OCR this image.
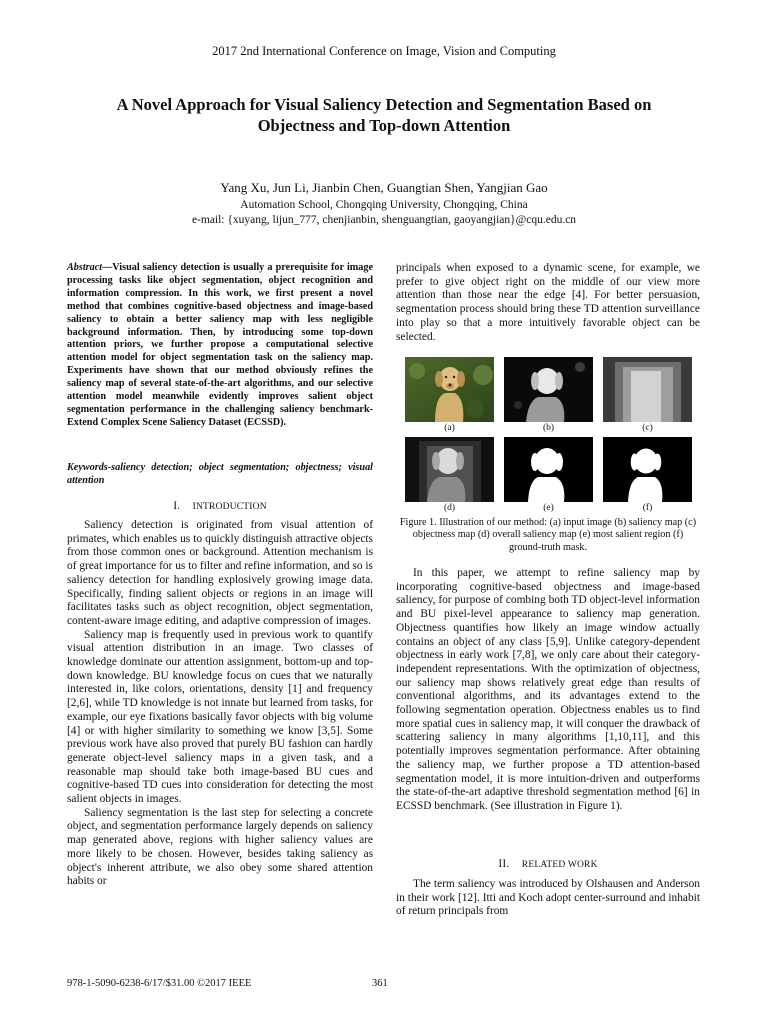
2017 2nd International Conference on Image, Vision and Computing
A Novel Approach for Visual Saliency Detection and Segmentation Based on
Objectness and Top-down Attention
Yang Xu, Jun Li, Jianbin Chen, Guangtian Shen, Yangjian Gao
Automation School, Chongqing University, Chongqing, China
e-mail: {xuyang, lijun_777, chenjianbin, shenguangtian, gaoyangjian}@cqu.edu.cn

Abstract—Visual saliency detection is usually a prerequisite for image processing tasks like object segmentation, object recognition and information compression. In this work, we first present a novel method that combines cognitive-based objectness and image-based saliency to obtain a better saliency map with less negligible background information. Then, by introducing some top-down attention priors, we further propose a computational selective attention model for object segmentation task on the saliency map. Experiments have shown that our method obviously refines the saliency map of several state-of-the-art algorithms, and our selective attention model meanwhile evidently improves salient object segmentation performance in the challenging saliency benchmark-Extend Complex Scene Saliency Dataset (ECSSD).

Keywords-saliency detection; object segmentation; objectness; visual attention
I. INTRODUCTION

Saliency detection is originated from visual attention of primates, which enables us to quickly distinguish attractive objects from those common ones or background. Attention mechanism is of great importance for us to filter and refine information, and so is saliency detection for handling explosively growing image data. Specifically, finding salient objects or regions in an image will facilitates tasks such as object recognition, object segmentation, content-aware image editing, and adaptive compression of images.

Saliency map is frequently used in previous work to quantify visual attention distribution in an image. Two classes of knowledge dominate our attention assignment, bottom-up and top-down knowledge. BU knowledge focus on cues that we naturally interested in, like colors, orientations, density [1] and frequency [2,6], while TD knowledge is not innate but learned from tasks, for example, our eye fixations basically favor objects with big volume [4] or with higher similarity to something we know [3,5]. Some previous work have also proved that purely BU fashion can hardly generate object-level saliency maps in a given task, and a reasonable map should take both image-based BU cues and cognitive-based TD cues into consideration for detecting the most salient objects in images.

Saliency segmentation is the last step for selecting a concrete object, and segmentation performance largely depends on saliency map generated above, regions with higher saliency values are more likely to be chosen. However, besides taking saliency as object's inherent attribute, we also obey some shared attention habits or

principals when exposed to a dynamic scene, for example, we prefer to give object right on the middle of our view more attention than those near the edge [4]. For better persuasion, segmentation process should bring these TD attention surveillance into play so that a more intuitively favorable object can be selected.
(a)	(b)	(c)
(d)	(e)	(f)
Figure 1. Illustration of our method: (a) input image (b) saliency map (c) objectness map (d) overall saliency map (e) most salient region (f) ground-truth mask.

In this paper, we attempt to refine saliency map by incorporating cognitive-based objectness and image-based saliency, for purpose of combing both TD object-level information and BU pixel-level appearance to saliency map generation. Objectness quantifies how likely an image window actually contains an object of any class [5,9]. Unlike category-dependent objectness in early work [7,8], we only care about their category-independent representations. With the optimization of objectness, our saliency map shows relatively great edge than results of conventional algorithms, and its advantages extend to the following segmentation operation. Objectness enables us to find more spatial cues in saliency map, it will conquer the drawback of scattering saliency in many algorithms [1,10,11], and this potentially improves segmentation performance. After obtaining the saliency map, we further propose a TD attention-based segmentation model, it is more intuition-driven and outperforms the state-of-the-art adaptive threshold segmentation method [6] in ECSSD benchmark. (See illustration in Figure 1).

II. RELATED WORK

The term saliency was introduced by Olshausen and Anderson in their work [12]. Itti and Koch adopt center-surround and inhabit of return principals from

978-1-5090-6238-6/17/$31.00 ©2017 IEEE	361
